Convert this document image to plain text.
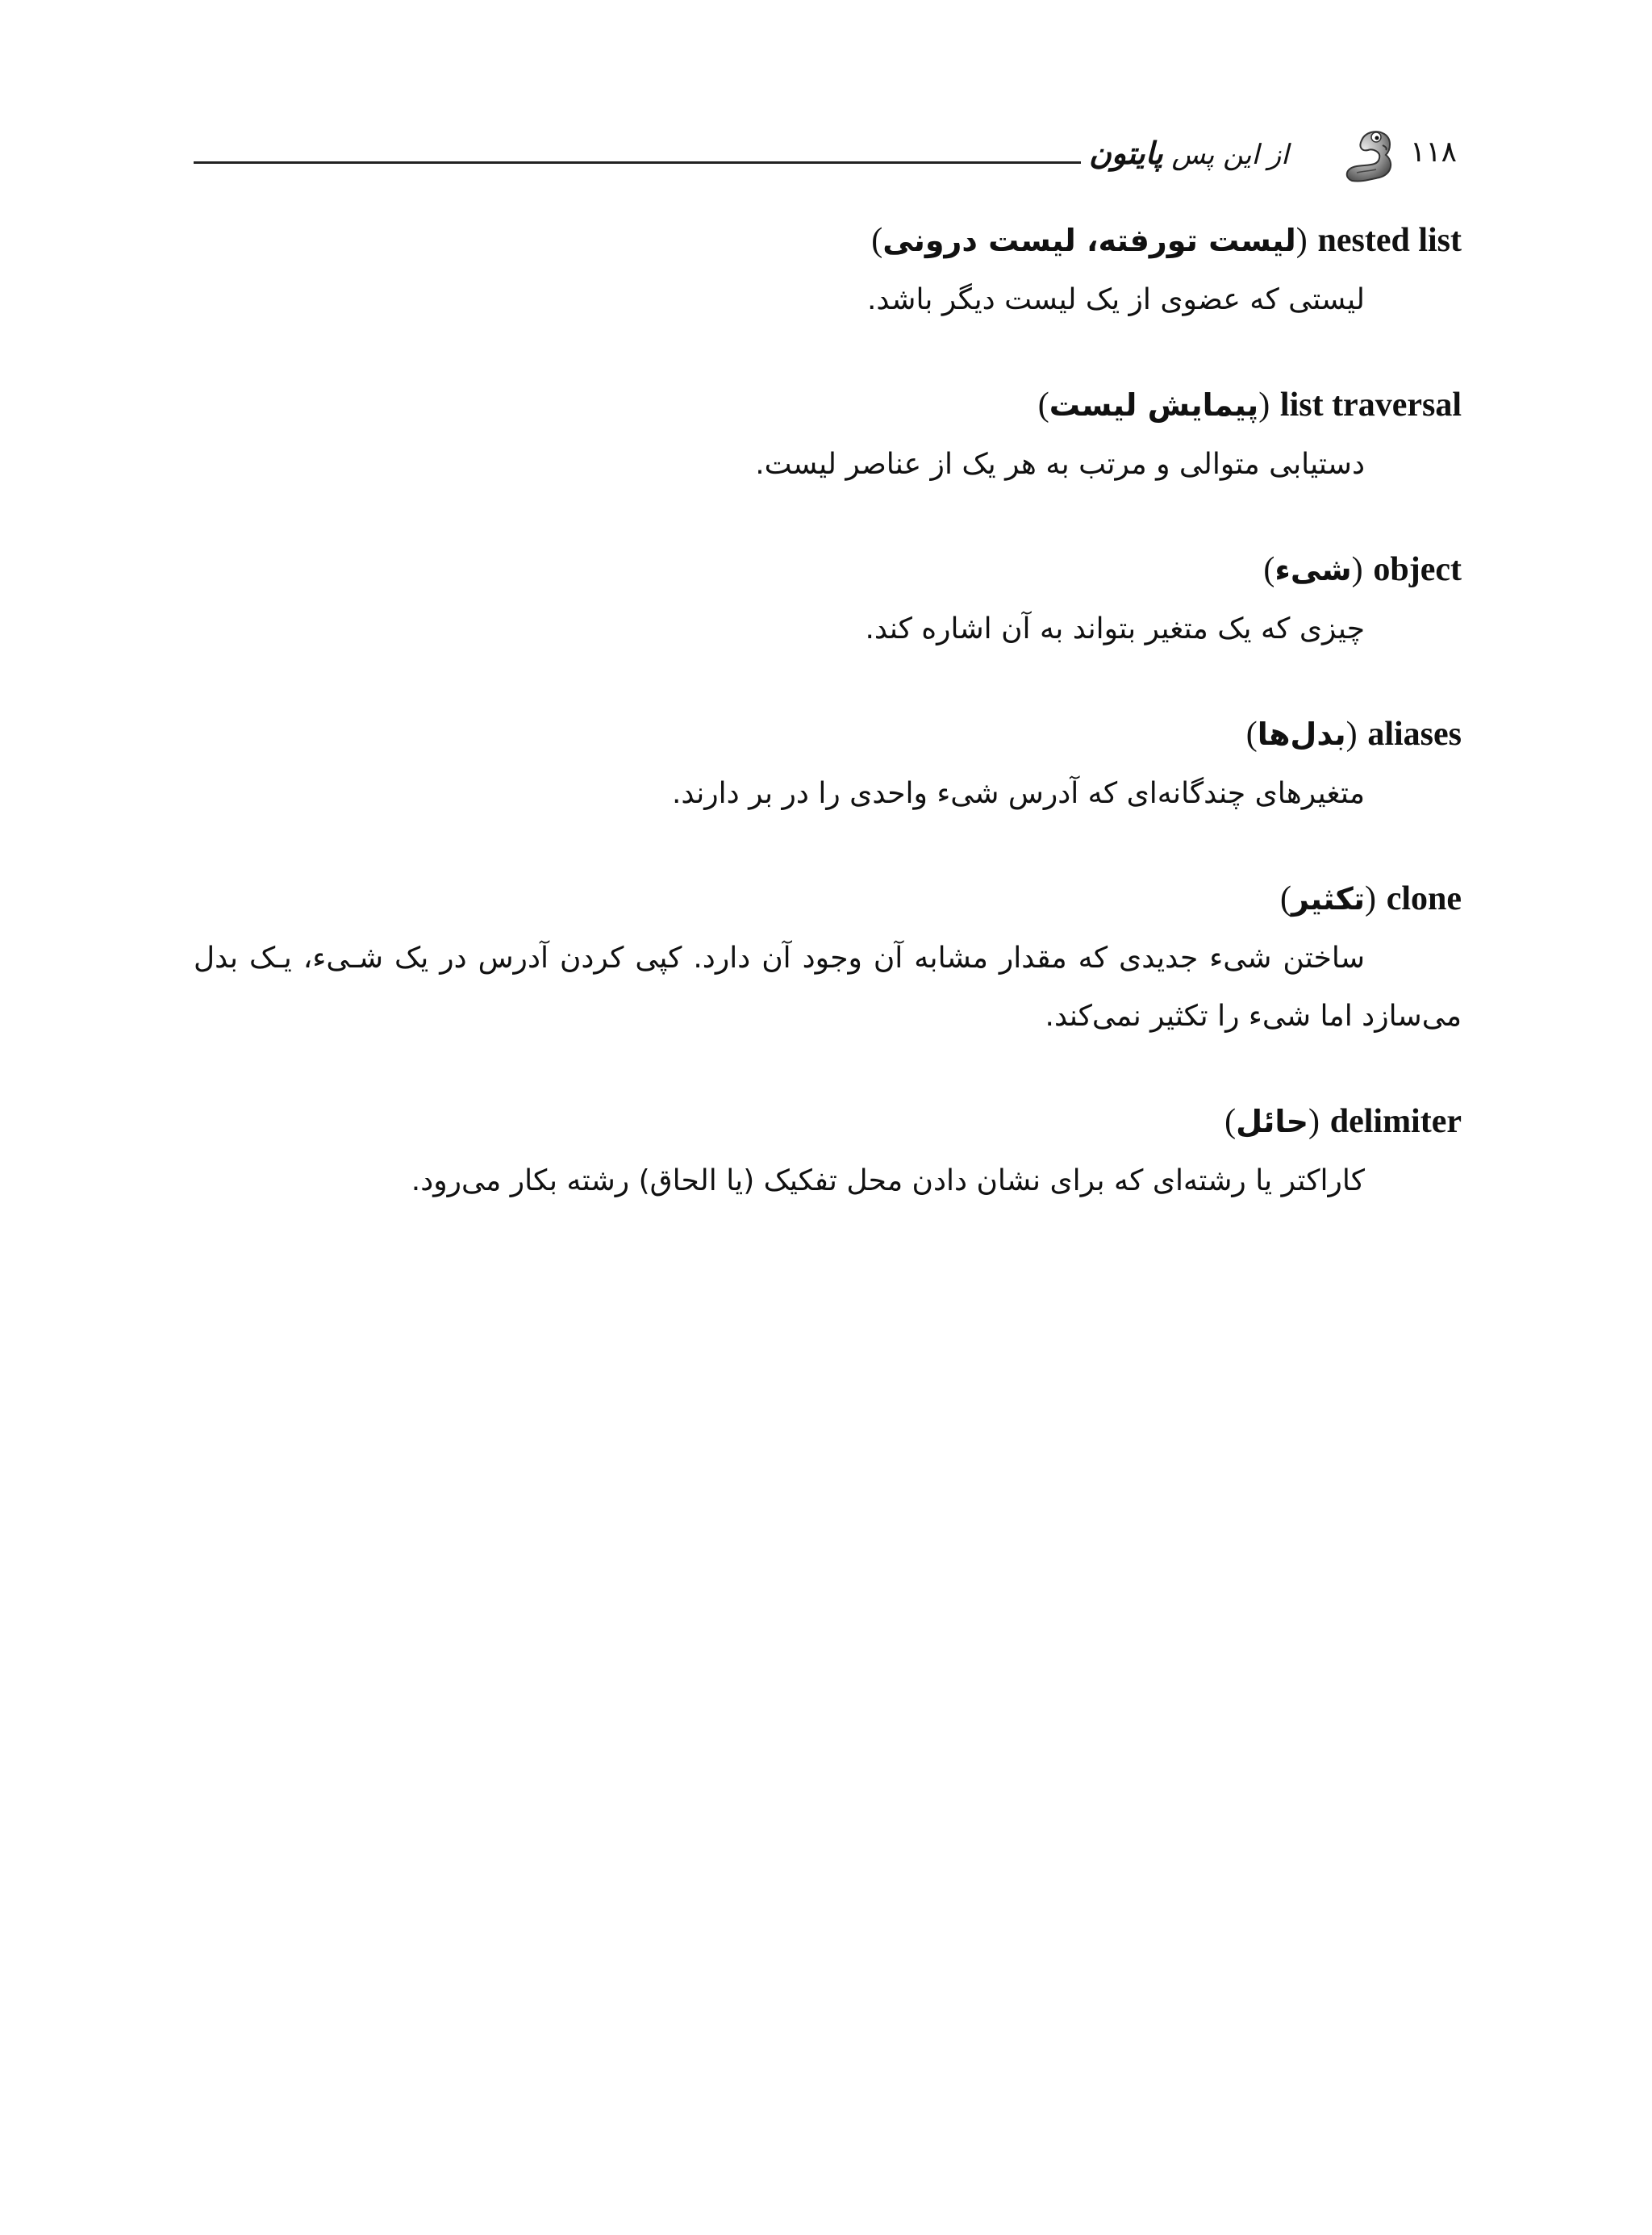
از این پس پایتون	۱۱۸
nested list (لیست تورفته، لیست درونی)
لیستی که عضوی از یک لیست دیگر باشد.
list traversal (پیمایش لیست)
دستیابی متوالی و مرتب به هر یک از عناصر لیست.
object (شیء)
چیزی که یک متغیر بتواند به آن اشاره کند.
aliases (بدل‌ها)
متغیرهای چندگانه‌ای که آدرس شیء واحدی را در بر دارند.
clone (تکثیر)
ساختن شیء جدیدی که مقدار مشابه آن وجود آن دارد. کپی کردن آدرس در یک شـیء، یـک بدل می‌سازد اما شیء را تکثیر نمی‌کند.
delimiter (حائل)
کاراکتر یا رشته‌ای که برای نشان دادن محل تفکیک (یا الحاق) رشته بکار می‌رود.
